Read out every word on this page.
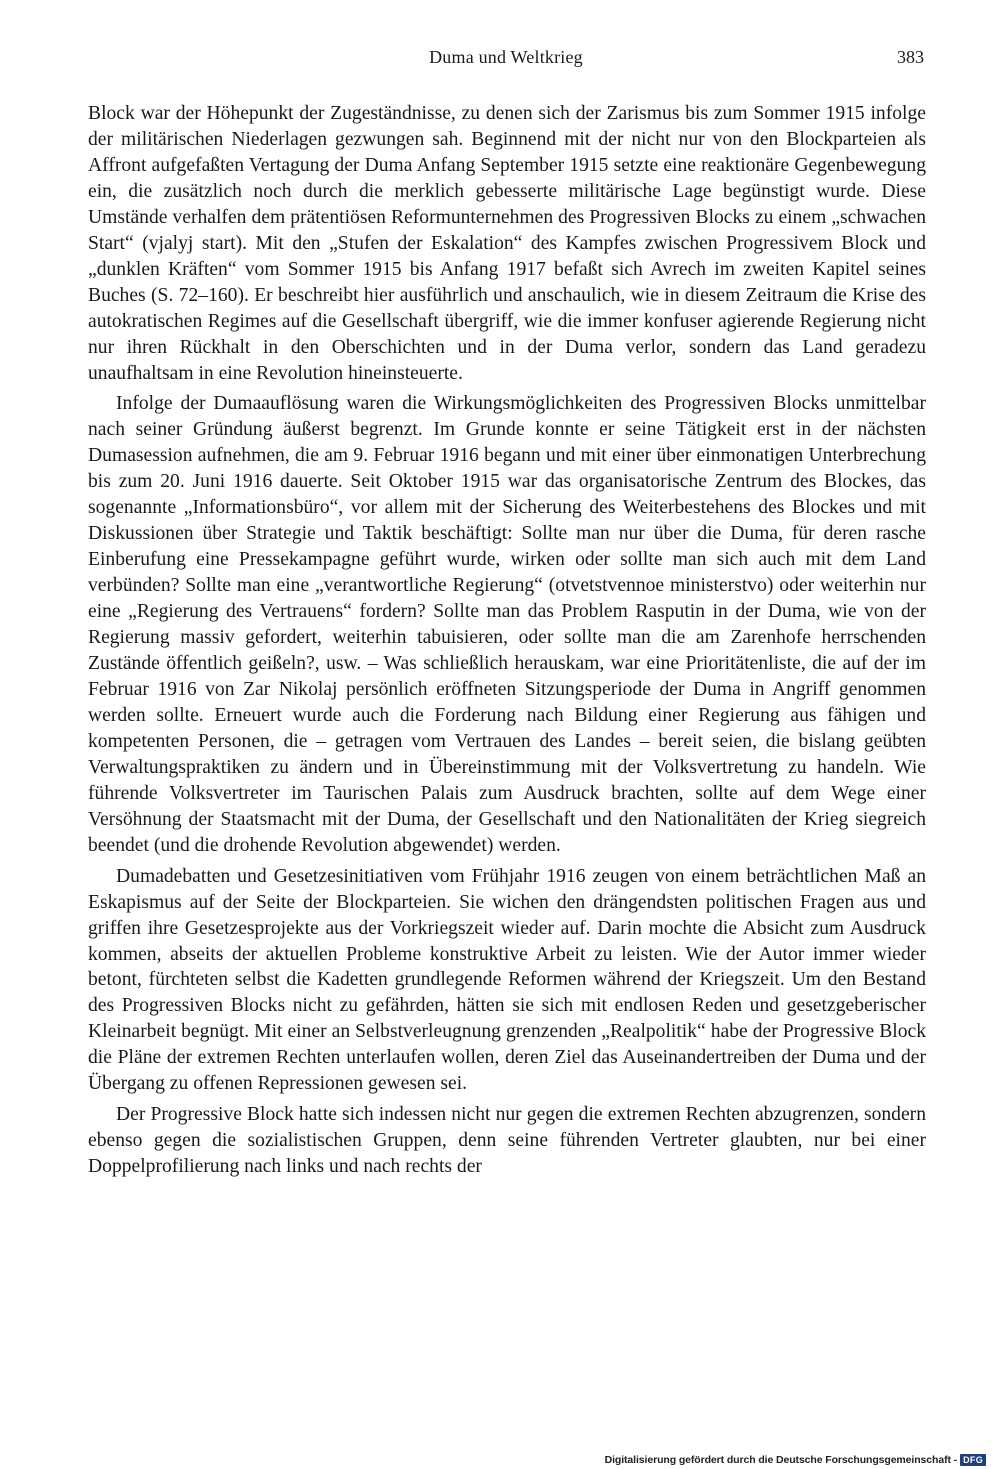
Duma und Weltkrieg	383

Block war der Höhepunkt der Zugeständnisse, zu denen sich der Zarismus bis zum Sommer 1915 infolge der militärischen Niederlagen gezwungen sah. Beginnend mit der nicht nur von den Blockparteien als Affront aufgefaßten Vertagung der Duma Anfang September 1915 setzte eine reaktionäre Gegenbewegung ein, die zusätzlich noch durch die merklich gebesserte militärische Lage begünstigt wurde. Diese Umstände verhalfen dem prätentiösen Reformunternehmen des Progressiven Blocks zu einem „schwachen Start“ (vjalyj start). Mit den „Stufen der Eskalation“ des Kampfes zwischen Progressivem Block und „dunklen Kräften“ vom Sommer 1915 bis Anfang 1917 befaßt sich Avrech im zweiten Kapitel seines Buches (S. 72–160). Er beschreibt hier ausführlich und anschaulich, wie in diesem Zeitraum die Krise des autokratischen Regimes auf die Gesellschaft übergriff, wie die immer konfuser agierende Regierung nicht nur ihren Rückhalt in den Oberschichten und in der Duma verlor, sondern das Land geradezu unaufhaltsam in eine Revolution hineinsteuerte.

Infolge der Dumaauflösung waren die Wirkungsmöglichkeiten des Progressiven Blocks unmittelbar nach seiner Gründung äußerst begrenzt. Im Grunde konnte er seine Tätigkeit erst in der nächsten Dumasession aufnehmen, die am 9. Februar 1916 begann und mit einer über einmonatigen Unterbrechung bis zum 20. Juni 1916 dauerte. Seit Oktober 1915 war das organisatorische Zentrum des Blockes, das sogenannte „Informationsbüro“, vor allem mit der Sicherung des Weiterbestehens des Blockes und mit Diskussionen über Strategie und Taktik beschäftigt: Sollte man nur über die Duma, für deren rasche Einberufung eine Pressekampagne geführt wurde, wirken oder sollte man sich auch mit dem Land verbünden? Sollte man eine „verantwortliche Regierung“ (otvetstvennoe ministerstvo) oder weiterhin nur eine „Regierung des Vertrauens“ fordern? Sollte man das Problem Rasputin in der Duma, wie von der Regierung massiv gefordert, weiterhin tabuisieren, oder sollte man die am Zarenhofe herrschenden Zustände öffentlich geißeln?, usw. – Was schließlich herauskam, war eine Prioritätenliste, die auf der im Februar 1916 von Zar Nikolaj persönlich eröffneten Sitzungsperiode der Duma in Angriff genommen werden sollte. Erneuert wurde auch die Forderung nach Bildung einer Regierung aus fähigen und kompetenten Personen, die – getragen vom Vertrauen des Landes – bereit seien, die bislang geübten Verwaltungspraktiken zu ändern und in Übereinstimmung mit der Volksvertretung zu handeln. Wie führende Volksvertreter im Taurischen Palais zum Ausdruck brachten, sollte auf dem Wege einer Versöhnung der Staatsmacht mit der Duma, der Gesellschaft und den Nationalitäten der Krieg siegreich beendet (und die drohende Revolution abgewendet) werden.

Dumadebatten und Gesetzesinitiativen vom Frühjahr 1916 zeugen von einem beträchtlichen Maß an Eskapismus auf der Seite der Blockparteien. Sie wichen den drängendsten politischen Fragen aus und griffen ihre Gesetzesprojekte aus der Vorkriegszeit wieder auf. Darin mochte die Absicht zum Ausdruck kommen, abseits der aktuellen Probleme konstruktive Arbeit zu leisten. Wie der Autor immer wieder betont, fürchteten selbst die Kadetten grundlegende Reformen während der Kriegszeit. Um den Bestand des Progressiven Blocks nicht zu gefährden, hätten sie sich mit endlosen Reden und gesetzgeberischer Kleinarbeit begnügt. Mit einer an Selbstverleugnung grenzenden „Realpolitik“ habe der Progressive Block die Pläne der extremen Rechten unterlaufen wollen, deren Ziel das Auseinandertreiben der Duma und der Übergang zu offenen Repressionen gewesen sei.

Der Progressive Block hatte sich indessen nicht nur gegen die extremen Rechten abzugrenzen, sondern ebenso gegen die sozialistischen Gruppen, denn seine führenden Vertreter glaubten, nur bei einer Doppelprofilierung nach links und nach rechts der

Digitalisierung gefördert durch die Deutsche Forschungsgemeinschaft - DFG
